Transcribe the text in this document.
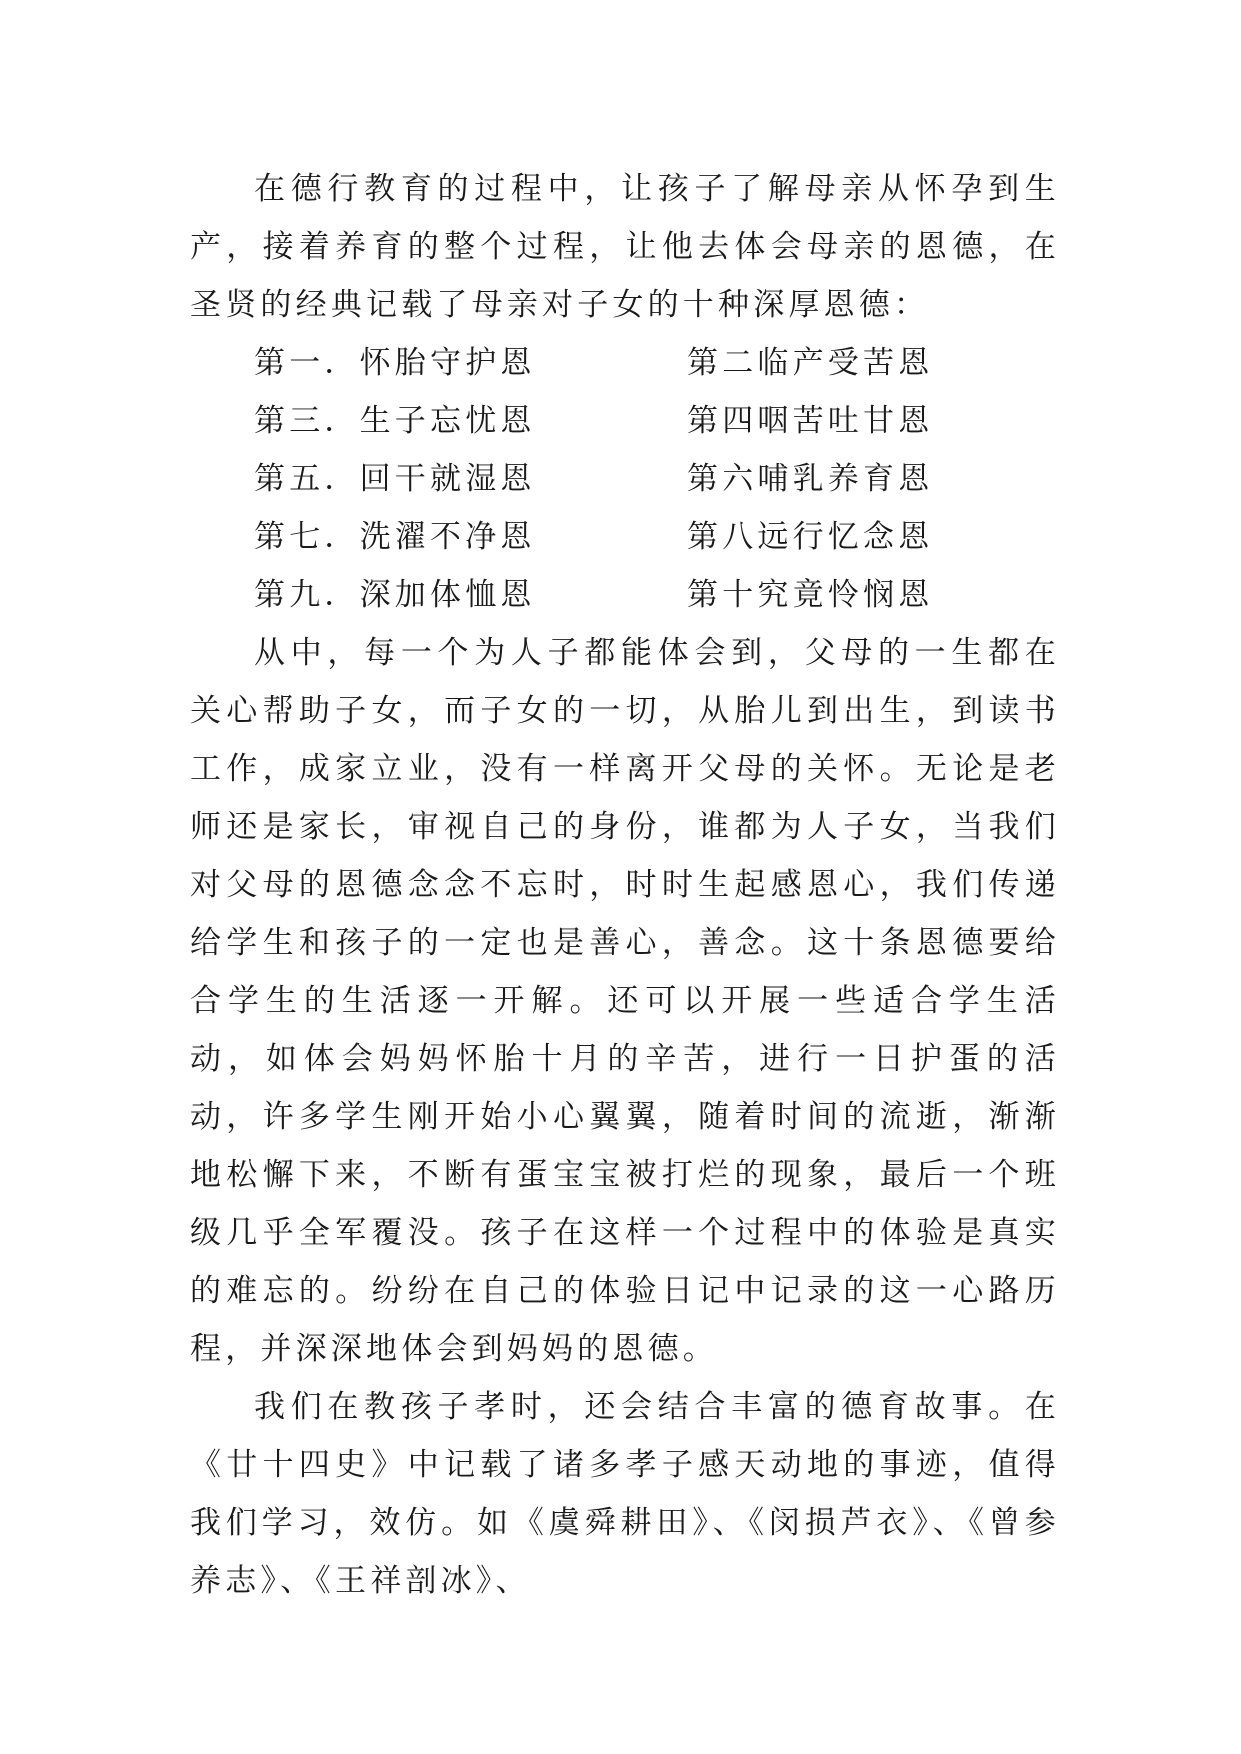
在德行教育的过程中，让孩子了解母亲从怀孕到生产，接着养育的整个过程，让他去体会母亲的恩德，在圣贤的经典记载了母亲对子女的十种深厚恩德：

第一．怀胎守护恩	第二临产受苦恩
第三．生子忘忧恩	第四咽苦吐甘恩
第五．回干就湿恩	第六哺乳养育恩
第七．洗濯不净恩	第八远行忆念恩
第九．深加体恤恩	第十究竟怜悯恩

从中，每一个为人子都能体会到，父母的一生都在关心帮助子女，而子女的一切，从胎儿到出生，到读书工作，成家立业，没有一样离开父母的关怀。无论是老师还是家长，审视自己的身份，谁都为人子女，当我们对父母的恩德念念不忘时，时时生起感恩心，我们传递给学生和孩子的一定也是善心，善念。这十条恩德要给合学生的生活逐一开解。还可以开展一些适合学生活动，如体会妈妈怀胎十月的辛苦，进行一日护蛋的活动，许多学生刚开始小心翼翼，随着时间的流逝，渐渐地松懈下来，不断有蛋宝宝被打烂的现象，最后一个班级几乎全军覆没。孩子在这样一个过程中的体验是真实的难忘的。纷纷在自己的体验日记中记录的这一心路历程，并深深地体会到妈妈的恩德。

我们在教孩子孝时，还会结合丰富的德育故事。在《廿十四史》中记载了诸多孝子感天动地的事迹，值得我们学习，效仿。如《虞舜耕田》、《闵损芦衣》、《曾参养志》、《王祥剖冰》、
